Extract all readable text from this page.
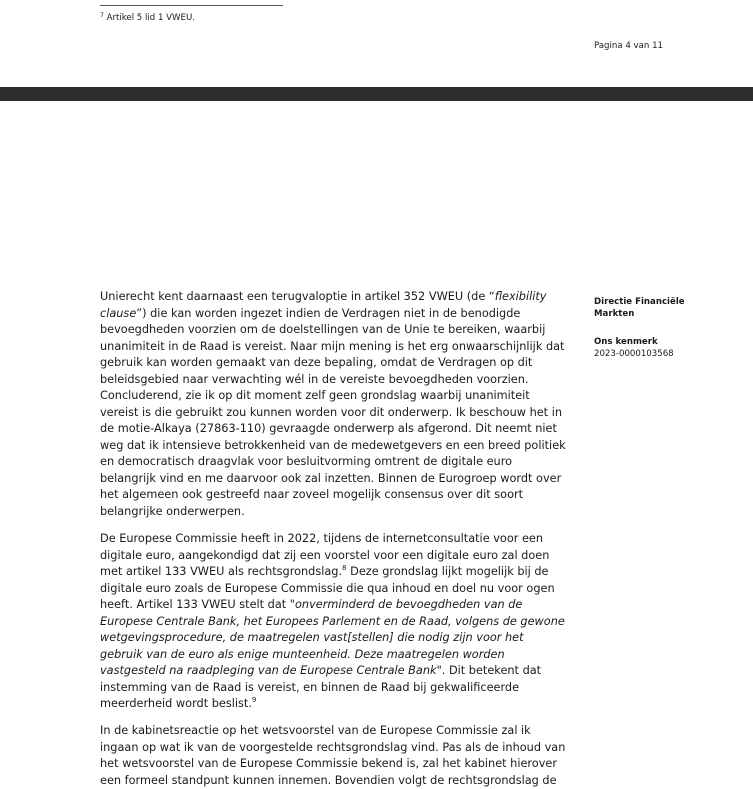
$^7$ Artikel 5 lid 1 VWEU.
Pagina 4 van 11
Directie Financiële
Markten
Ons kenmerk
2023-0000103568
Unierecht kent daarnaast een terugvaloptie in artikel 352 VWEU (de “flexibility
clause”) die kan worden ingezet indien de Verdragen niet in de benodigde
bevoegdheden voorzien om de doelstellingen van de Unie te bereiken, waarbij
unanimiteit in de Raad is vereist. Naar mijn mening is het erg onwaarschijnlijk dat
gebruik kan worden gemaakt van deze bepaling, omdat de Verdragen op dit
beleidsgebied naar verwachting wél in de vereiste bevoegdheden voorzien.
Concluderend, zie ik op dit moment zelf geen grondslag waarbij unanimiteit
vereist is die gebruikt zou kunnen worden voor dit onderwerp. Ik beschouw het in
de motie-Alkaya (27863-110) gevraagde onderwerp als afgerond. Dit neemt niet
weg dat ik intensieve betrokkenheid van de medewetgevers en een breed politiek
en democratisch draagvlak voor besluitvorming omtrent de digitale euro
belangrijk vind en me daarvoor ook zal inzetten. Binnen de Eurogroep wordt over
het algemeen ook gestreefd naar zoveel mogelijk consensus over dit soort
belangrijke onderwerpen.
De Europese Commissie heeft in 2022, tijdens de internetconsultatie voor een
digitale euro, aangekondigd dat zij een voorstel voor een digitale euro zal doen
met artikel 133 VWEU als rechtsgrondslag.$^8$ Deze grondslag lijkt mogelijk bij de
digitale euro zoals de Europese Commissie die qua inhoud en doel nu voor ogen
heeft. Artikel 133 VWEU stelt dat "onverminderd de bevoegdheden van de
Europese Centrale Bank, het Europees Parlement en de Raad, volgens de gewone
wetgevingsprocedure, de maatregelen vast[stellen] die nodig zijn voor het
gebruik van de euro als enige munteenheid. Deze maatregelen worden
vastgesteld na raadpleging van de Europese Centrale Bank". Dit betekent dat
instemming van de Raad is vereist, en binnen de Raad bij gekwalificeerde
meerderheid wordt beslist.$^9$
In de kabinetsreactie op het wetsvoorstel van de Europese Commissie zal ik
ingaan op wat ik van de voorgestelde rechtsgrondslag vind. Pas als de inhoud van
het wetsvoorstel van de Europese Commissie bekend is, zal het kabinet hierover
een formeel standpunt kunnen innemen. Bovendien volgt de rechtsgrondslag de
